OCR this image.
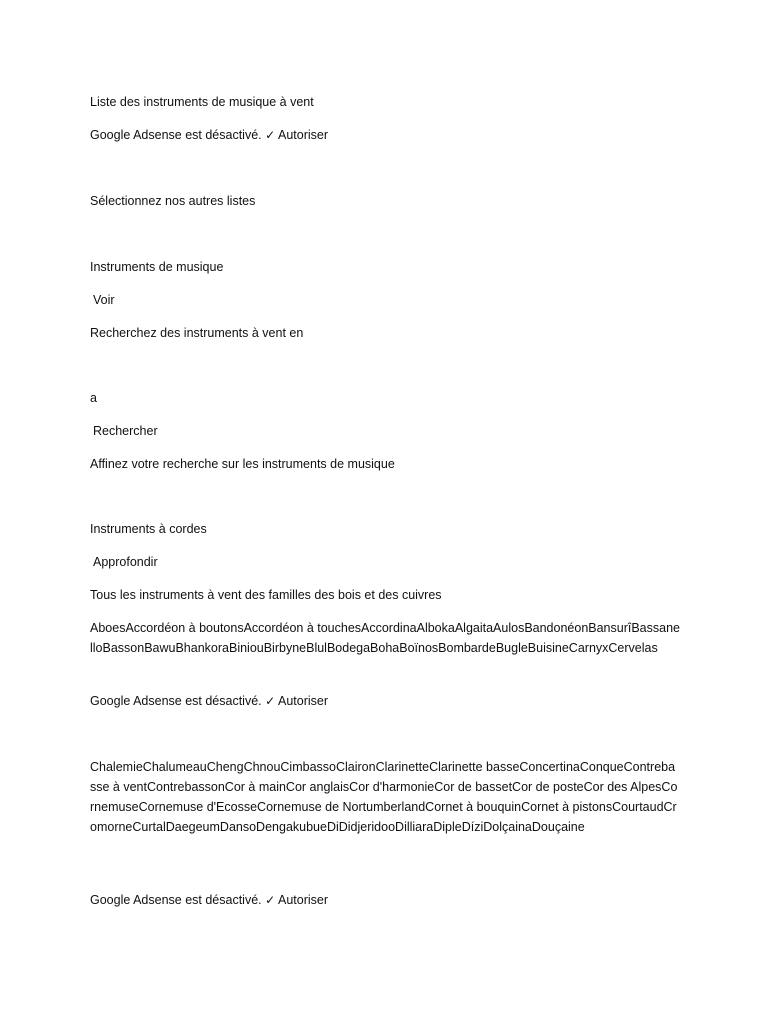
Liste des instruments de musique à vent
Google Adsense est désactivé. ✓ Autoriser
Sélectionnez nos autres listes
Instruments de musique
Voir
Recherchez des instruments à vent en
a
Rechercher
Affinez votre recherche sur les instruments de musique
Instruments à cordes
Approfondir
Tous les instruments à vent des familles des bois et des cuivres
AboesAccordéon à boutonsAccordéon à touchesAccordinaAlbokaAlgaitaAulosBandonéonBansurîBassanelloBassonBawuBhankoraBiniouBirbyneBlulBodegaBohaBoïnosBombardeBugleBuisineCarnyxCervelas
Google Adsense est désactivé. ✓ Autoriser
ChalemieChalumeauChengChnouCimbassoClaironClarinetteClarinette basseConcertinaConqueContrebasse à ventContrebassonCor à mainCor anglaisCor d'harmonieCor de bassetCor de posteCor des AlpesCornemuseCornemuse d'EcosseCornemuse de NortumberlandCornet à bouquinCornet à pistonsCourtaudCromorneCurtalDaegeumDansoDengakubueDiDidjeridooDilliaraDipleDíziDolçainaDouçaine
Google Adsense est désactivé. ✓ Autoriser
